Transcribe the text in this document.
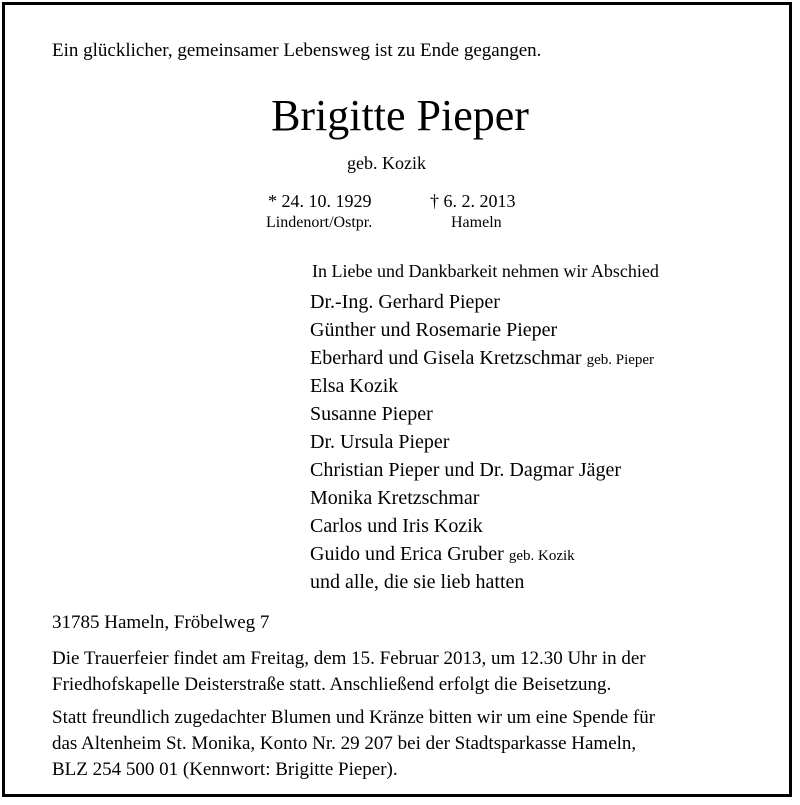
Ein glücklicher, gemeinsamer Lebensweg ist zu Ende gegangen.
Brigitte Pieper
geb. Kozik
* 24. 10. 1929
Lindenort/Ostpr.
† 6. 2. 2013
Hameln
In Liebe und Dankbarkeit nehmen wir Abschied
Dr.-Ing. Gerhard Pieper
Günther und Rosemarie Pieper
Eberhard und Gisela Kretzschmar geb. Pieper
Elsa Kozik
Susanne Pieper
Dr. Ursula Pieper
Christian Pieper und Dr. Dagmar Jäger
Monika Kretzschmar
Carlos und Iris Kozik
Guido und Erica Gruber geb. Kozik
und alle, die sie lieb hatten
31785 Hameln, Fröbelweg 7
Die Trauerfeier findet am Freitag, dem 15. Februar 2013, um 12.30 Uhr in der
Friedhofskapelle Deisterstraße statt. Anschließend erfolgt die Beisetzung.
Statt freundlich zugedachter Blumen und Kränze bitten wir um eine Spende für
das Altenheim St. Monika, Konto Nr. 29 207 bei der Stadtsparkasse Hameln,
BLZ 254 500 01 (Kennwort: Brigitte Pieper).
